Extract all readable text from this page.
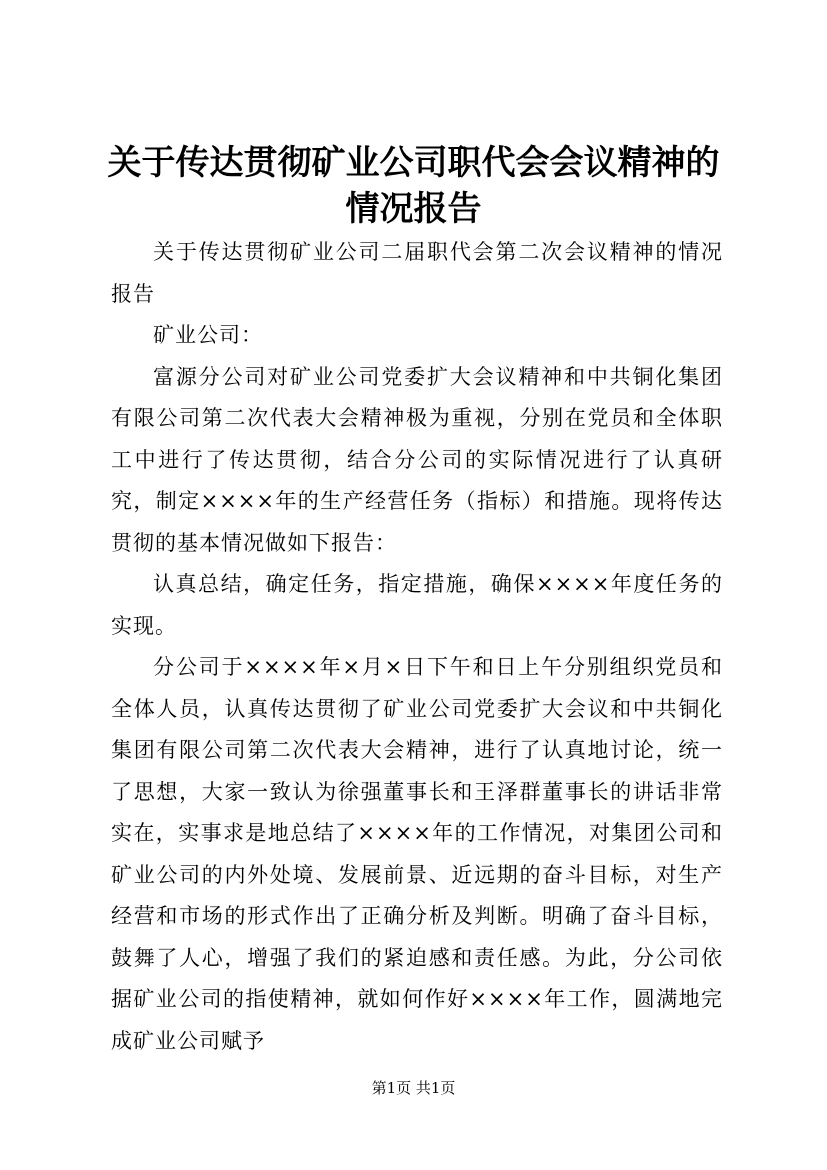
关于传达贯彻矿业公司职代会会议精神的情况报告

关于传达贯彻矿业公司二届职代会第二次会议精神的情况报告

矿业公司：

富源分公司对矿业公司党委扩大会议精神和中共铜化集团有限公司第二次代表大会精神极为重视，分别在党员和全体职工中进行了传达贯彻，结合分公司的实际情况进行了认真研究，制定××××年的生产经营任务（指标）和措施。现将传达贯彻的基本情况做如下报告：

认真总结，确定任务，指定措施，确保××××年度任务的实现。

分公司于××××年×月×日下午和日上午分别组织党员和全体人员，认真传达贯彻了矿业公司党委扩大会议和中共铜化集团有限公司第二次代表大会精神，进行了认真地讨论，统一了思想，大家一致认为徐强董事长和王泽群董事长的讲话非常实在，实事求是地总结了××××年的工作情况，对集团公司和矿业公司的内外处境、发展前景、近远期的奋斗目标，对生产经营和市场的形式作出了正确分析及判断。明确了奋斗目标，鼓舞了人心，增强了我们的紧迫感和责任感。为此，分公司依据矿业公司的指使精神，就如何作好××××年工作，圆满地完成矿业公司赋予

第1页 共1页
